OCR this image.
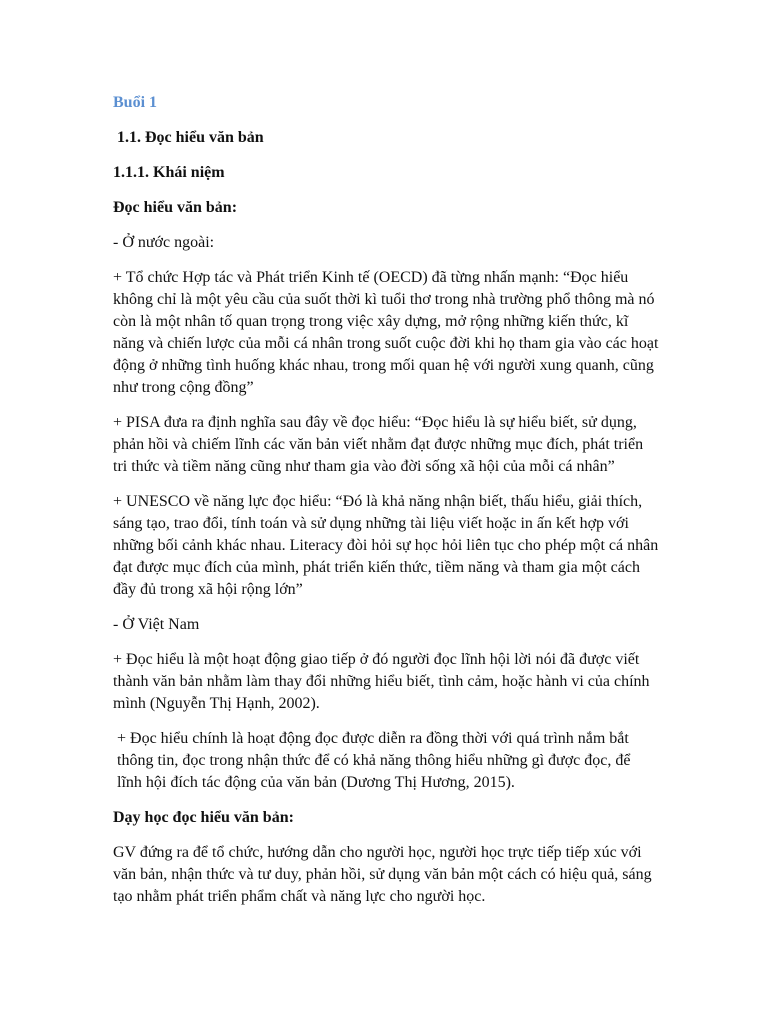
Buổi 1

1.1. Đọc hiểu văn bản

1.1.1. Khái niệm

Đọc hiểu văn bản:

- Ở nước ngoài:

+ Tổ chức Hợp tác và Phát triển Kinh tế (OECD) đã từng nhấn mạnh: “Đọc hiểu không chỉ là một yêu cầu của suốt thời kì tuổi thơ trong nhà trường phổ thông mà nó còn là một nhân tố quan trọng trong việc xây dựng, mở rộng những kiến thức, kĩ năng và chiến lược của mỗi cá nhân trong suốt cuộc đời khi họ tham gia vào các hoạt động ở những tình huống khác nhau, trong mối quan hệ với người xung quanh, cũng như trong cộng đồng”

+ PISA đưa ra định nghĩa sau đây về đọc hiểu: “Đọc hiểu là sự hiểu biết, sử dụng, phản hồi và chiếm lĩnh các văn bản viết nhằm đạt được những mục đích, phát triển tri thức và tiềm năng cũng như tham gia vào đời sống xã hội của mỗi cá nhân”

+ UNESCO về năng lực đọc hiểu: “Đó là khả năng nhận biết, thấu hiểu, giải thích, sáng tạo, trao đổi, tính toán và sử dụng những tài liệu viết hoặc in ấn kết hợp với những bối cảnh khác nhau. Literacy đòi hỏi sự học hỏi liên tục cho phép một cá nhân đạt được mục đích của mình, phát triển kiến thức, tiềm năng và tham gia một cách đầy đủ trong xã hội rộng lớn”

- Ở Việt Nam

+ Đọc hiểu là một hoạt động giao tiếp ở đó người đọc lĩnh hội lời nói đã được viết thành văn bản nhằm làm thay đổi những hiểu biết, tình cảm, hoặc hành vi của chính mình (Nguyễn Thị Hạnh, 2002).

+ Đọc hiểu chính là hoạt động đọc được diễn ra đồng thời với quá trình nắm bắt thông tin, đọc trong nhận thức để có khả năng thông hiểu những gì được đọc, để lĩnh hội đích tác động của văn bản (Dương Thị Hương, 2015).

Dạy học đọc hiểu văn bản:

GV đứng ra để tổ chức, hướng dẫn cho người học, người học trực tiếp tiếp xúc với văn bản, nhận thức và tư duy, phản hồi, sử dụng văn bản một cách có hiệu quả, sáng tạo nhằm phát triển phẩm chất và năng lực cho người học.
